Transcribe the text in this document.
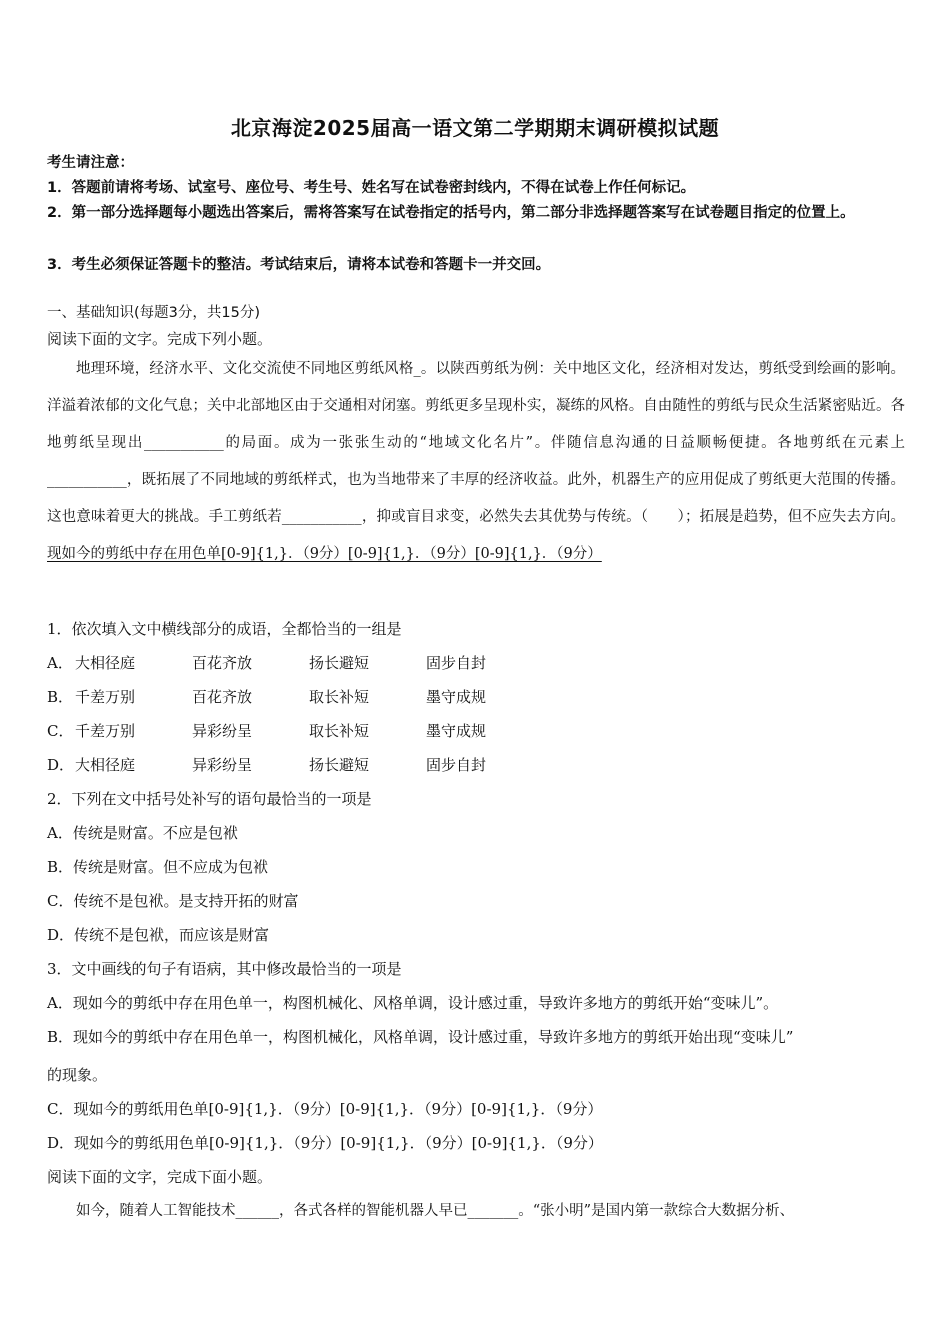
北京海淀2025届高一语文第二学期期末调研模拟试题
考生请注意：
1．答题前请将考场、试室号、座位号、考生号、姓名写在试卷密封线内，不得在试卷上作任何标记。
2．第一部分选择题每小题选出答案后，需将答案写在试卷指定的括号内，第二部分非选择题答案写在试卷题目指定的位置上。
3．考生必须保证答题卡的整洁。考试结束后，请将本试卷和答题卡一并交回。
一、基础知识(每题3分，共15分)
阅读下面的文字。完成下列小题。
地理环境，经济水平、文化交流使不同地区剪纸风格_。以陕西剪纸为例：关中地区文化，经济相对发达，剪纸受到绘画的影响。洋溢着浓郁的文化气息；关中北部地区由于交通相对闭塞。剪纸更多呈现朴实，凝练的风格。自由随性的剪纸与民众生活紧密贴近。各地剪纸呈现出___________的局面。成为一张张生动的“地域文化名片”。伴随信息沟通的日益顺畅便捷。各地剪纸在元素上___________，既拓展了不同地域的剪纸样式，也为当地带来了丰厚的经济收益。此外，机器生产的应用促成了剪纸更大范围的传播。这也意味着更大的挑战。手工剪纸若___________，抑或盲目求变，必然失去其优势与传统。（　　）；拓展是趋势，但不应失去方向。现如今的剪纸中存在用色单[0-9]{1,}．（9分）[0-9]{1,}．（9分）[0-9]{1,}．（9分）
1．依次填入文中横线部分的成语，全都恰当的一组是
A． 大相径庭	百花齐放	扬长避短	固步自封
B． 千差万别	百花齐放	取长补短	墨守成规
C． 千差万别	异彩纷呈	取长补短	墨守成规
D．大相径庭	异彩纷呈	扬长避短	固步自封
2．下列在文中括号处补写的语句最恰当的一项是
A．传统是财富。不应是包袱
B．传统是财富。但不应成为包袱
C．传统不是包袱。是支持开拓的财富
D．传统不是包袱，而应该是财富
3．文中画线的句子有语病，其中修改最恰当的一项是
A．现如今的剪纸中存在用色单一，构图机械化、风格单调，设计感过重，导致许多地方的剪纸开始“变味儿”。
B．现如今的剪纸中存在用色单一，构图机械化，风格单调，设计感过重，导致许多地方的剪纸开始出现“变味儿”
的现象。
C．现如今的剪纸用色单[0-9]{1,}．（9分）[0-9]{1,}．（9分）[0-9]{1,}．（9分）
D．现如今的剪纸用色单[0-9]{1,}．（9分）[0-9]{1,}．（9分）[0-9]{1,}．（9分）
阅读下面的文字，完成下面小题。
如今，随着人工智能技术______，各式各样的智能机器人早已_______。“张小明”是国内第一款综合大数据分析、
